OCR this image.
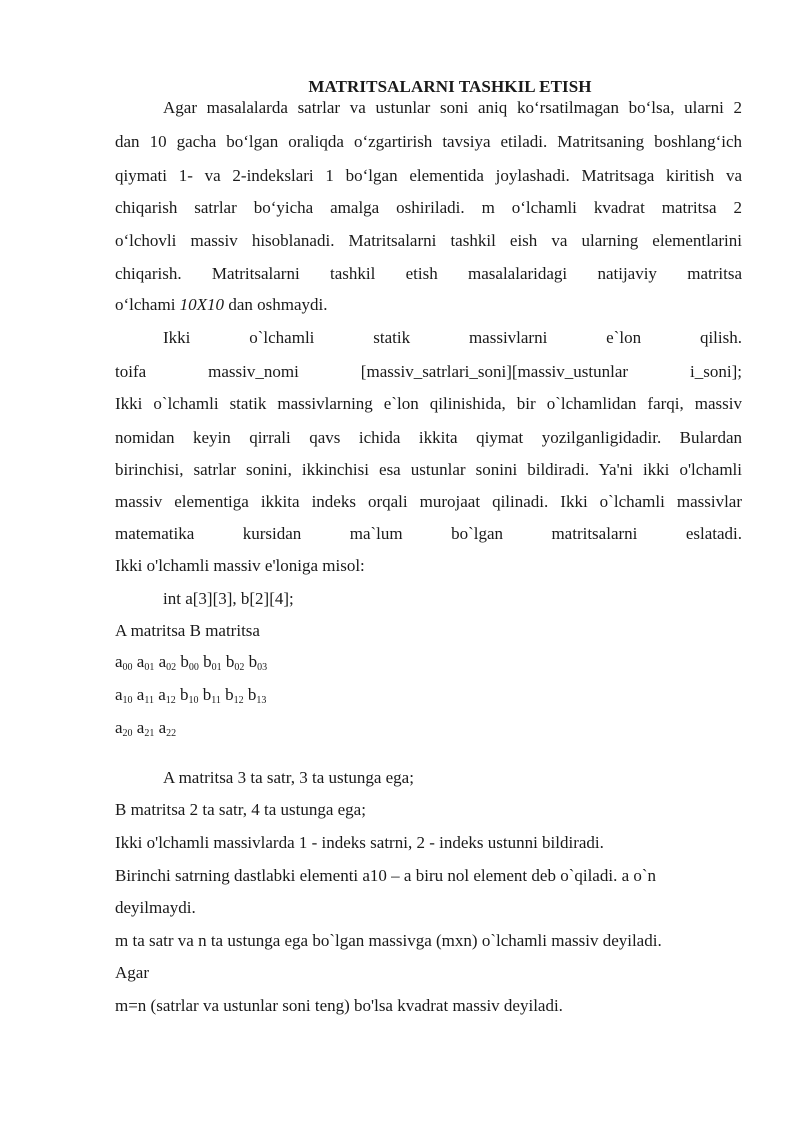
MATRITSALARNI TASHKIL ETISH
Agar masalalarda satrlar va ustunlar soni aniq koʻrsatilmagan boʻlsa, ularni 2
dan 10 gacha boʻlgan oraliqda oʻzgartirish tavsiya etiladi. Matritsaning boshlangʻich
qiymati 1- va 2-indekslari 1 boʻlgan elementida joylashadi. Matritsaga kiritish va
chiqarish satrlar boʻyicha amalga oshiriladi. m oʻlchamli kvadrat matritsa 2
oʻlchovli massiv hisoblanadi. Matritsalarni tashkil eish va ularning elementlarini
chiqarish. Matritsalarni tashkil etish masalalaridagi natijaviy matritsa
oʻlchami 10X10 dan oshmaydi.
Ikki o`lchamli statik massivlarni e`lon qilish.
toifa massiv_nomi [massiv_satrlari_soni][massiv_ustunlar i_soni];
Ikki o`lchamli statik massivlarning e`lon qilinishida, bir o`lchamlidan farqi, massiv
nomidan keyin qirrali qavs ichida ikkita qiymat yozilganligidadir. Bulardan
birinchisi, satrlar sonini, ikkinchisi esa ustunlar sonini bildiradi. Ya'ni ikki o'lchamli
massiv elementiga ikkita indeks orqali murojaat qilinadi. Ikki o`lchamli massivlar
matematika kursidan ma`lum bo`lgan matritsalarni eslatadi.
Ikki o'lchamli massiv e'loniga misol:
int a[3][3], b[2][4];
A matritsa B matritsa
$a_{00}$ $a_{01}$ $a_{02}$ $b_{00}$ $b_{01}$ $b_{02}$ $b_{03}$
$a_{10}$ $a_{11}$ $a_{12}$ $b_{10}$ $b_{11}$ $b_{12}$ $b_{13}$
$a_{20}$ $a_{21}$ $a_{22}$
A matritsa 3 ta satr, 3 ta ustunga ega;
B matritsa 2 ta satr, 4 ta ustunga ega;
Ikki o'lchamli massivlarda 1 - indeks satrni, 2 - indeks ustunni bildiradi.
Birinchi satrning dastlabki elementi a10 – a biru nol element deb o`qiladi. a o`n
deyilmaydi.
m ta satr va n ta ustunga ega bo`lgan massivga (mxn) o`lchamli massiv deyiladi.
Agar
m=n (satrlar va ustunlar soni teng) bo'lsa kvadrat massiv deyiladi.
